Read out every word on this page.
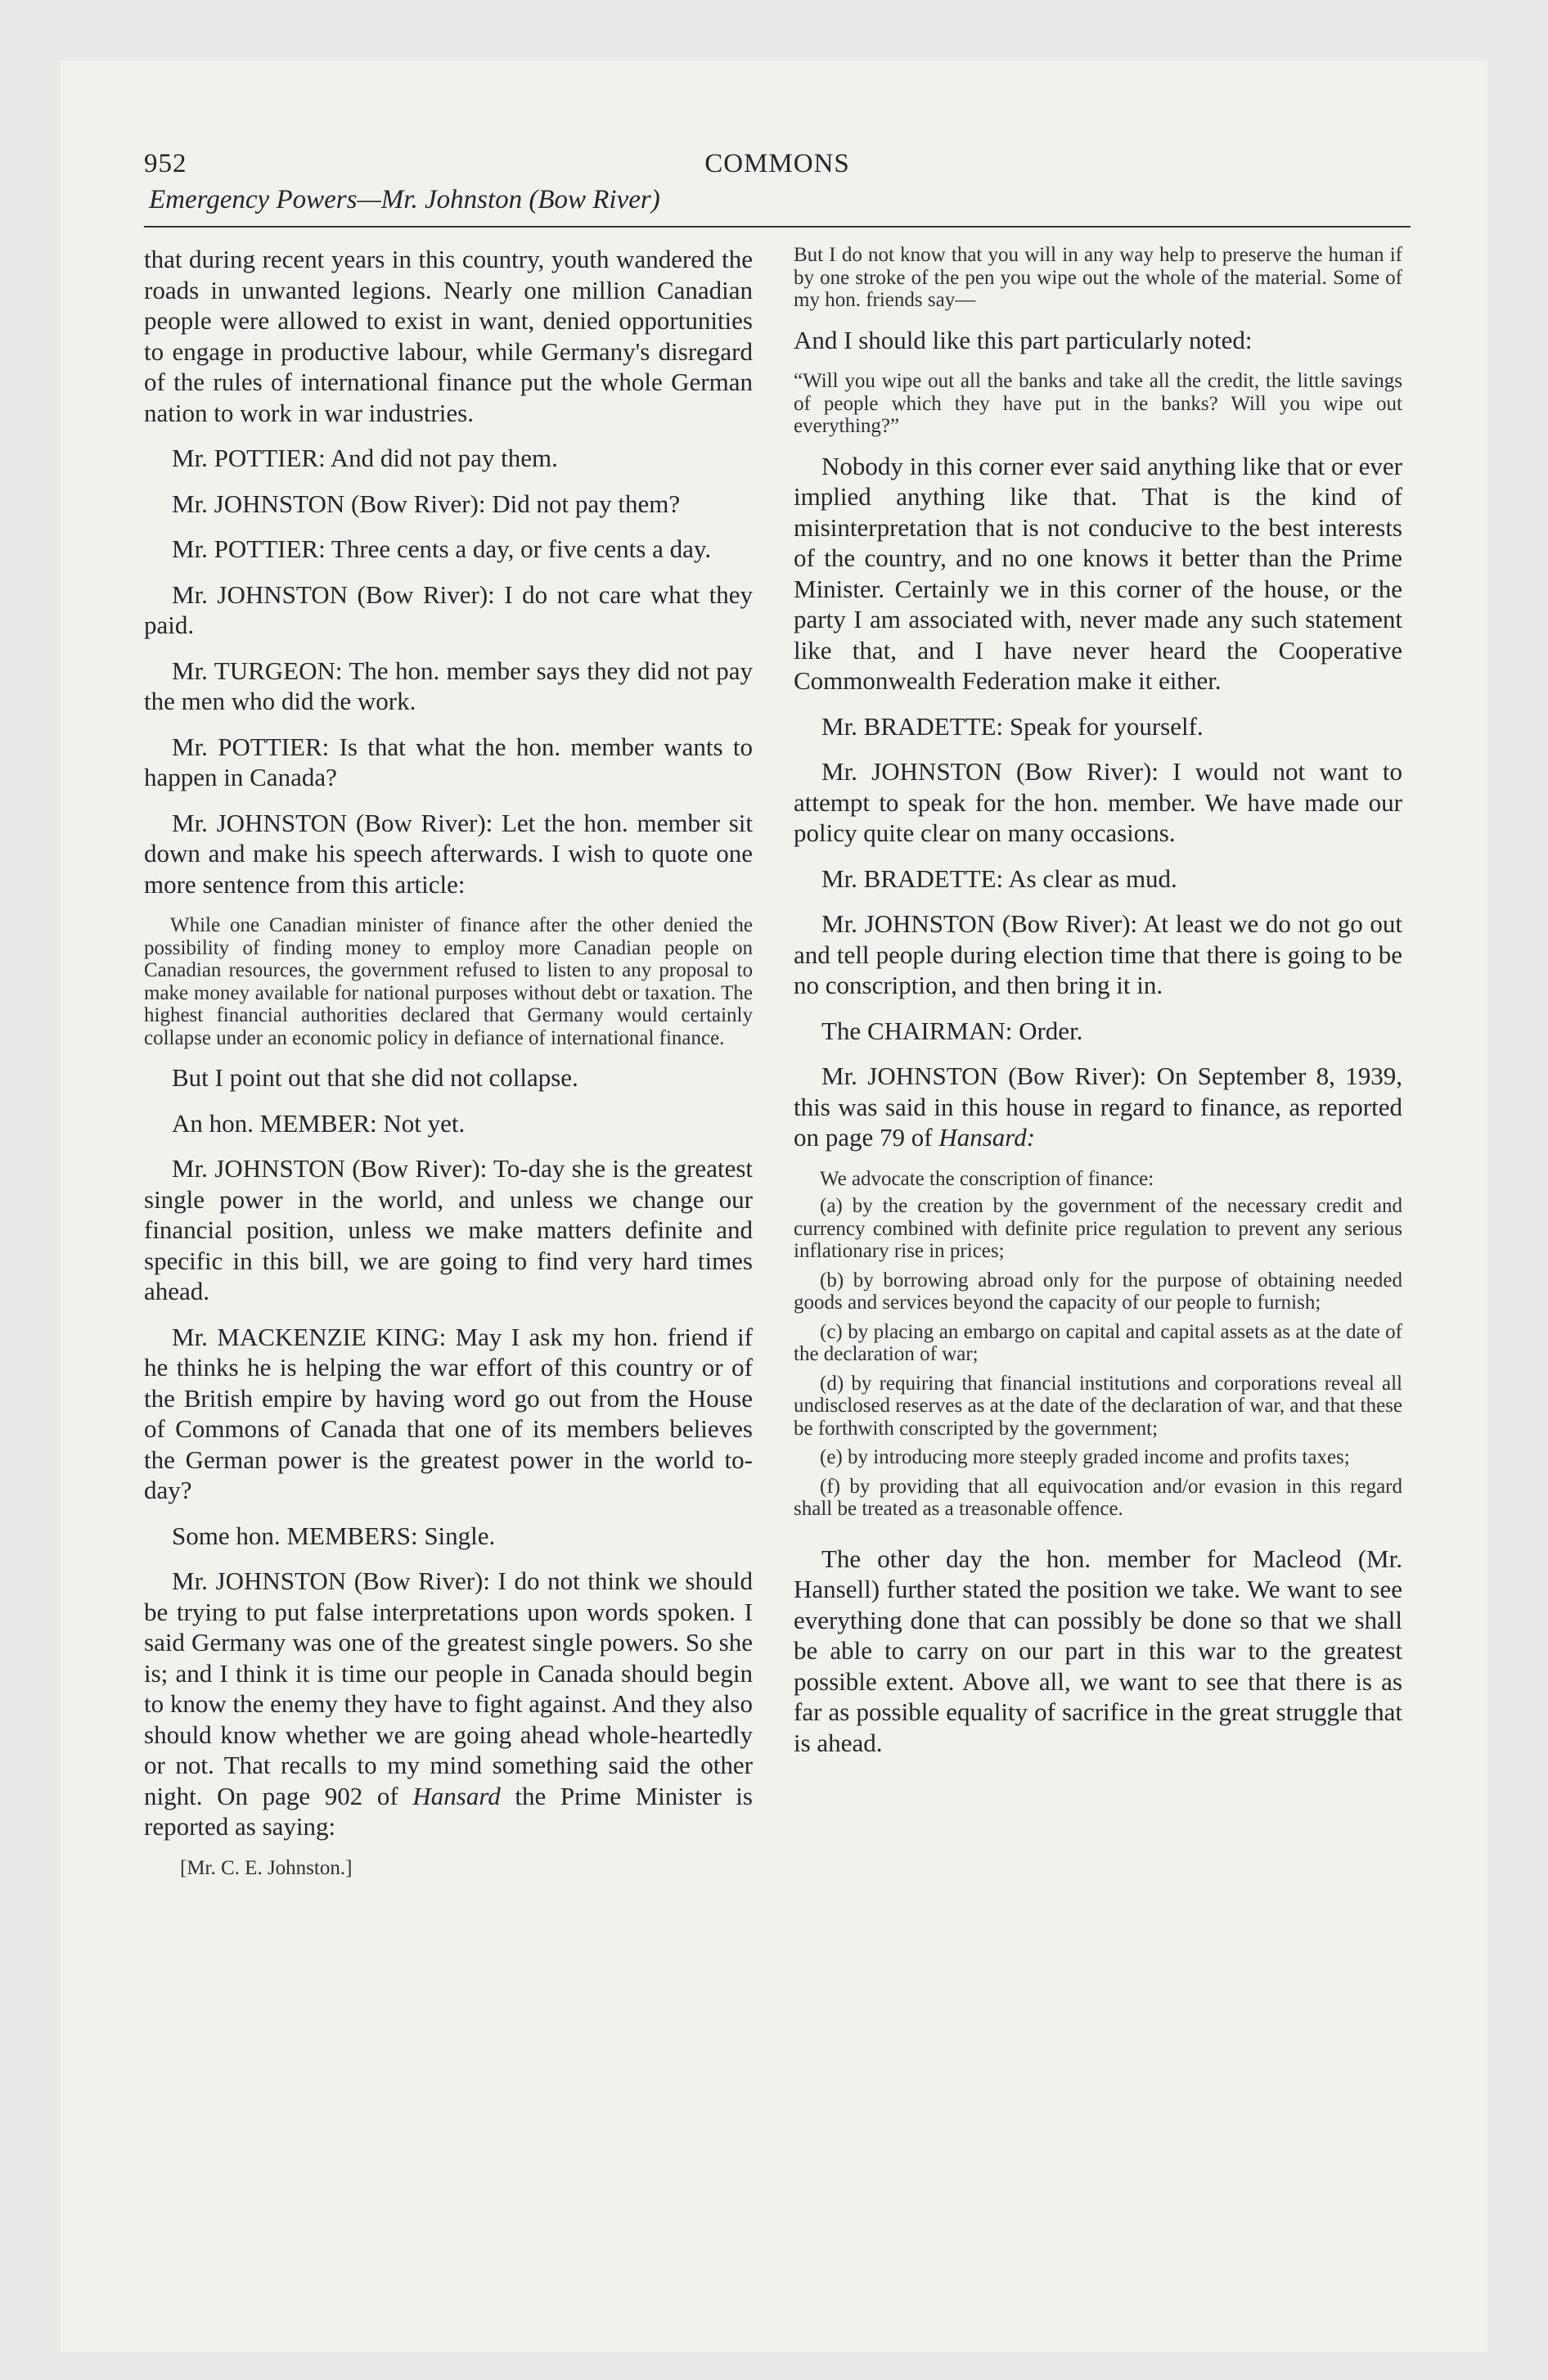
952	COMMONS
Emergency Powers—Mr. Johnston (Bow River)

that during recent years in this country, youth wandered the roads in unwanted legions. Nearly one million Canadian people were allowed to exist in want, denied opportunities to engage in productive labour, while Germany's disregard of the rules of international finance put the whole German nation to work in war industries.

Mr. POTTIER: And did not pay them.

Mr. JOHNSTON (Bow River): Did not pay them?

Mr. POTTIER: Three cents a day, or five cents a day.

Mr. JOHNSTON (Bow River): I do not care what they paid.

Mr. TURGEON: The hon. member says they did not pay the men who did the work.

Mr. POTTIER: Is that what the hon. member wants to happen in Canada?

Mr. JOHNSTON (Bow River): Let the hon. member sit down and make his speech afterwards. I wish to quote one more sentence from this article:

While one Canadian minister of finance after the other denied the possibility of finding money to employ more Canadian people on Canadian resources, the government refused to listen to any proposal to make money available for national purposes without debt or taxation. The highest financial authorities declared that Germany would certainly collapse under an economic policy in defiance of international finance.

But I point out that she did not collapse.

An hon. MEMBER: Not yet.

Mr. JOHNSTON (Bow River): To-day she is the greatest single power in the world, and unless we change our financial position, unless we make matters definite and specific in this bill, we are going to find very hard times ahead.

Mr. MACKENZIE KING: May I ask my hon. friend if he thinks he is helping the war effort of this country or of the British empire by having word go out from the House of Commons of Canada that one of its members believes the German power is the greatest power in the world to-day?

Some hon. MEMBERS: Single.

Mr. JOHNSTON (Bow River): I do not think we should be trying to put false interpretations upon words spoken. I said Germany was one of the greatest single powers. So she is; and I think it is time our people in Canada should begin to know the enemy they have to fight against. And they also should know whether we are going ahead whole-heartedly or not. That recalls to my mind something said the other night. On page 902 of Hansard the Prime Minister is reported as saying:

[Mr. C. E. Johnston.]

But I do not know that you will in any way help to preserve the human if by one stroke of the pen you wipe out the whole of the material. Some of my hon. friends say—

And I should like this part particularly noted:

“Will you wipe out all the banks and take all the credit, the little savings of people which they have put in the banks? Will you wipe out everything?”

Nobody in this corner ever said anything like that or ever implied anything like that. That is the kind of misinterpretation that is not conducive to the best interests of the country, and no one knows it better than the Prime Minister. Certainly we in this corner of the house, or the party I am associated with, never made any such statement like that, and I have never heard the Cooperative Commonwealth Federation make it either.

Mr. BRADETTE: Speak for yourself.

Mr. JOHNSTON (Bow River): I would not want to attempt to speak for the hon. member. We have made our policy quite clear on many occasions.

Mr. BRADETTE: As clear as mud.

Mr. JOHNSTON (Bow River): At least we do not go out and tell people during election time that there is going to be no conscription, and then bring it in.

The CHAIRMAN: Order.

Mr. JOHNSTON (Bow River): On September 8, 1939, this was said in this house in regard to finance, as reported on page 79 of Hansard:

We advocate the conscription of finance:

(a) by the creation by the government of the necessary credit and currency combined with definite price regulation to prevent any serious inflationary rise in prices;

(b) by borrowing abroad only for the purpose of obtaining needed goods and services beyond the capacity of our people to furnish;

(c) by placing an embargo on capital and capital assets as at the date of the declaration of war;

(d) by requiring that financial institutions and corporations reveal all undisclosed reserves as at the date of the declaration of war, and that these be forthwith conscripted by the government;

(e) by introducing more steeply graded income and profits taxes;

(f) by providing that all equivocation and/or evasion in this regard shall be treated as a treasonable offence.

The other day the hon. member for Macleod (Mr. Hansell) further stated the position we take. We want to see everything done that can possibly be done so that we shall be able to carry on our part in this war to the greatest possible extent. Above all, we want to see that there is as far as possible equality of sacrifice in the great struggle that is ahead.
